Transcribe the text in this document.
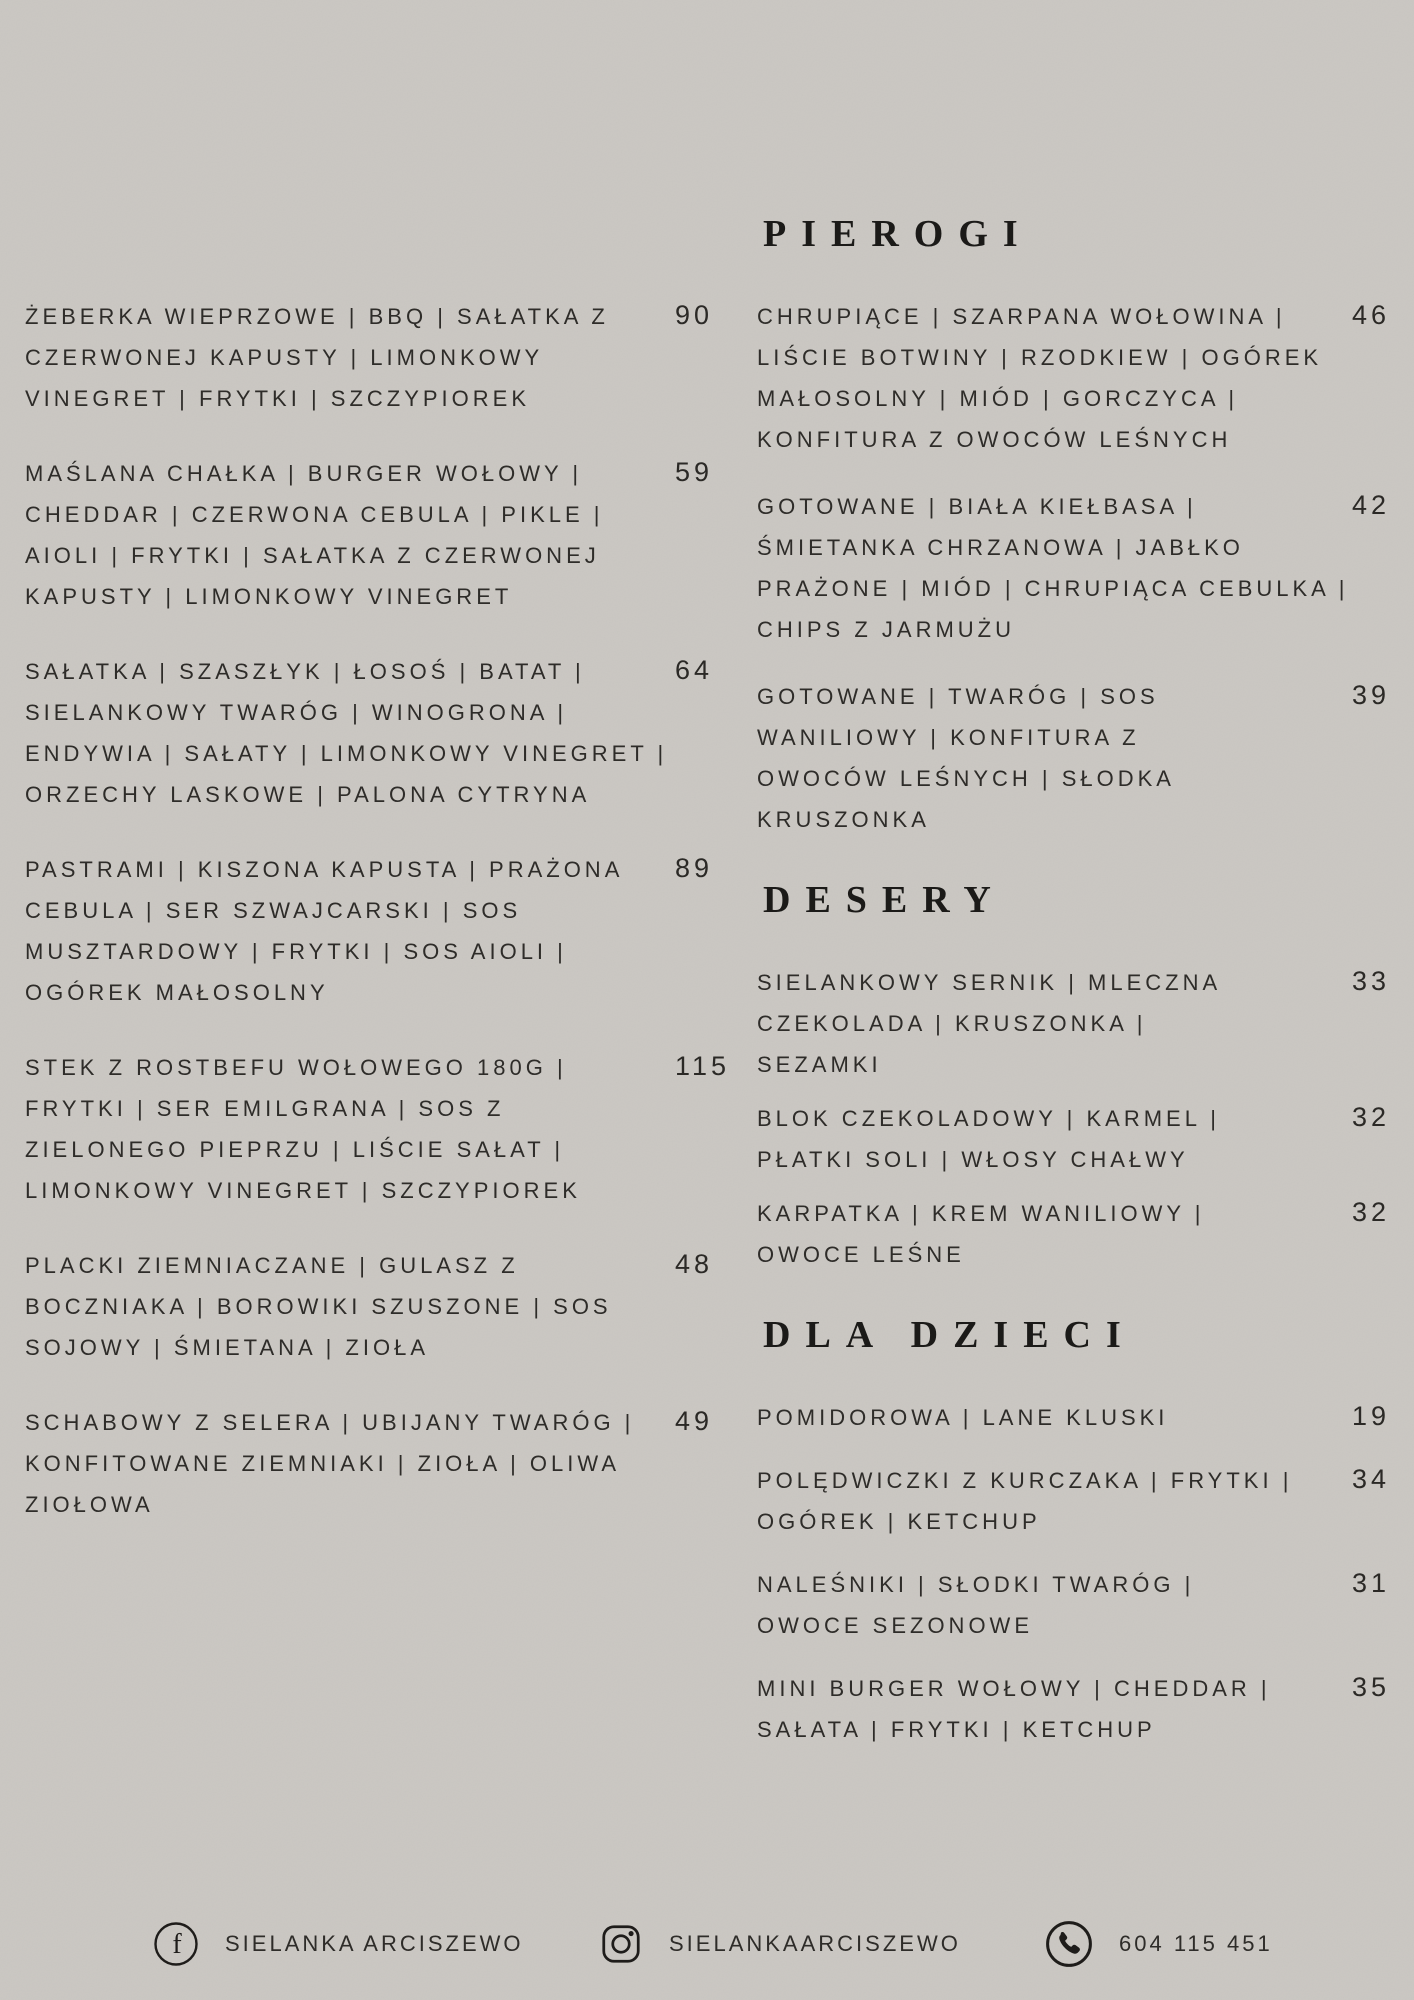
ŻEBERKA WIEPRZOWE | BBQ | SAŁATKA Z
CZERWONEJ KAPUSTY | LIMONKOWY
VINEGRET | FRYTKI | SZCZYPIOREK
90
MAŚLANA CHAŁKA | BURGER WOŁOWY |
CHEDDAR | CZERWONA CEBULA | PIKLE |
AIOLI | FRYTKI | SAŁATKA Z CZERWONEJ
KAPUSTY | LIMONKOWY VINEGRET
59
SAŁATKA | SZASZŁYK | ŁOSOŚ | BATAT |
SIELANKOWY TWARÓG | WINOGRONA |
ENDYWIA | SAŁATY | LIMONKOWY VINEGRET |
ORZECHY LASKOWE | PALONA CYTRYNA
64
PASTRAMI | KISZONA KAPUSTA | PRAŻONA
CEBULA | SER SZWAJCARSKI | SOS
MUSZTARDOWY | FRYTKI | SOS AIOLI |
OGÓREK MAŁOSOLNY
89
STEK Z ROSTBEFU WOŁOWEGO 180G |
FRYTKI | SER EMILGRANA | SOS Z
ZIELONEGO PIEPRZU | LIŚCIE SAŁAT |
LIMONKOWY VINEGRET | SZCZYPIOREK
115
PLACKI ZIEMNIACZANE | GULASZ Z
BOCZNIAKA | BOROWIKI SZUSZONE | SOS
SOJOWY | ŚMIETANA | ZIOŁA
48
SCHABOWY Z SELERA | UBIJANY TWARÓG |
KONFITOWANE ZIEMNIAKI | ZIOŁA | OLIWA
ZIOŁOWA
49
PIEROGI
CHRUPIĄCE | SZARPANA WOŁOWINA |
LIŚCIE BOTWINY | RZODKIEW | OGÓREK
MAŁOSOLNY | MIÓD | GORCZYCA |
KONFITURA Z OWOCÓW LEŚNYCH
46
GOTOWANE | BIAŁA KIEŁBASA |
ŚMIETANKA CHRZANOWA | JABŁKO
PRAŻONE | MIÓD | CHRUPIĄCA CEBULKA |
CHIPS Z JARMUŻU
42
GOTOWANE | TWARÓG | SOS
WANILIOWY | KONFITURA Z
OWOCÓW LEŚNYCH | SŁODKA
KRUSZONKA
39
DESERY
SIELANKOWY SERNIK | MLECZNA
CZEKOLADA | KRUSZONKA |
SEZAMKI
33
BLOK CZEKOLADOWY | KARMEL |
PŁATKI SOLI | WŁOSY CHAŁWY
32
KARPATKA | KREM WANILIOWY |
OWOCE LEŚNE
32
DLA DZIECI
POMIDOROWA | LANE KLUSKI	19
POLĘDWICZKI Z KURCZAKA | FRYTKI |
OGÓREK | KETCHUP
34
NALEŚNIKI | SŁODKI TWARÓG |
OWOCE SEZONOWE
31
MINI BURGER WOŁOWY | CHEDDAR |
SAŁATA | FRYTKI | KETCHUP
35
f SIELANKA ARCISZEWO	SIELANKAARCISZEWO	604 115 451
